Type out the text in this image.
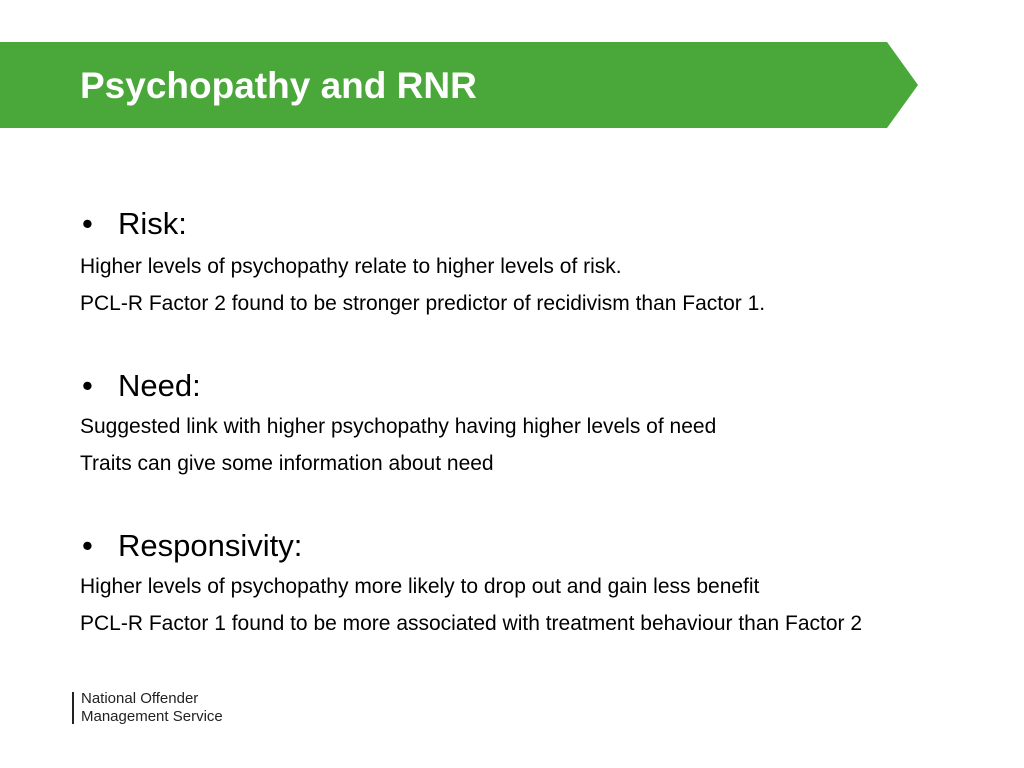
Psychopathy and RNR

• Risk:

Higher levels of psychopathy relate to higher levels of risk.

PCL-R Factor 2 found to be stronger predictor of recidivism than Factor 1.

• Need:

Suggested link with higher psychopathy having higher levels of need

Traits can give some information about need

• Responsivity:

Higher levels of psychopathy more likely to drop out and gain less benefit

PCL-R Factor 1 found to be more associated with treatment behaviour than Factor 2

National Offender
Management Service
